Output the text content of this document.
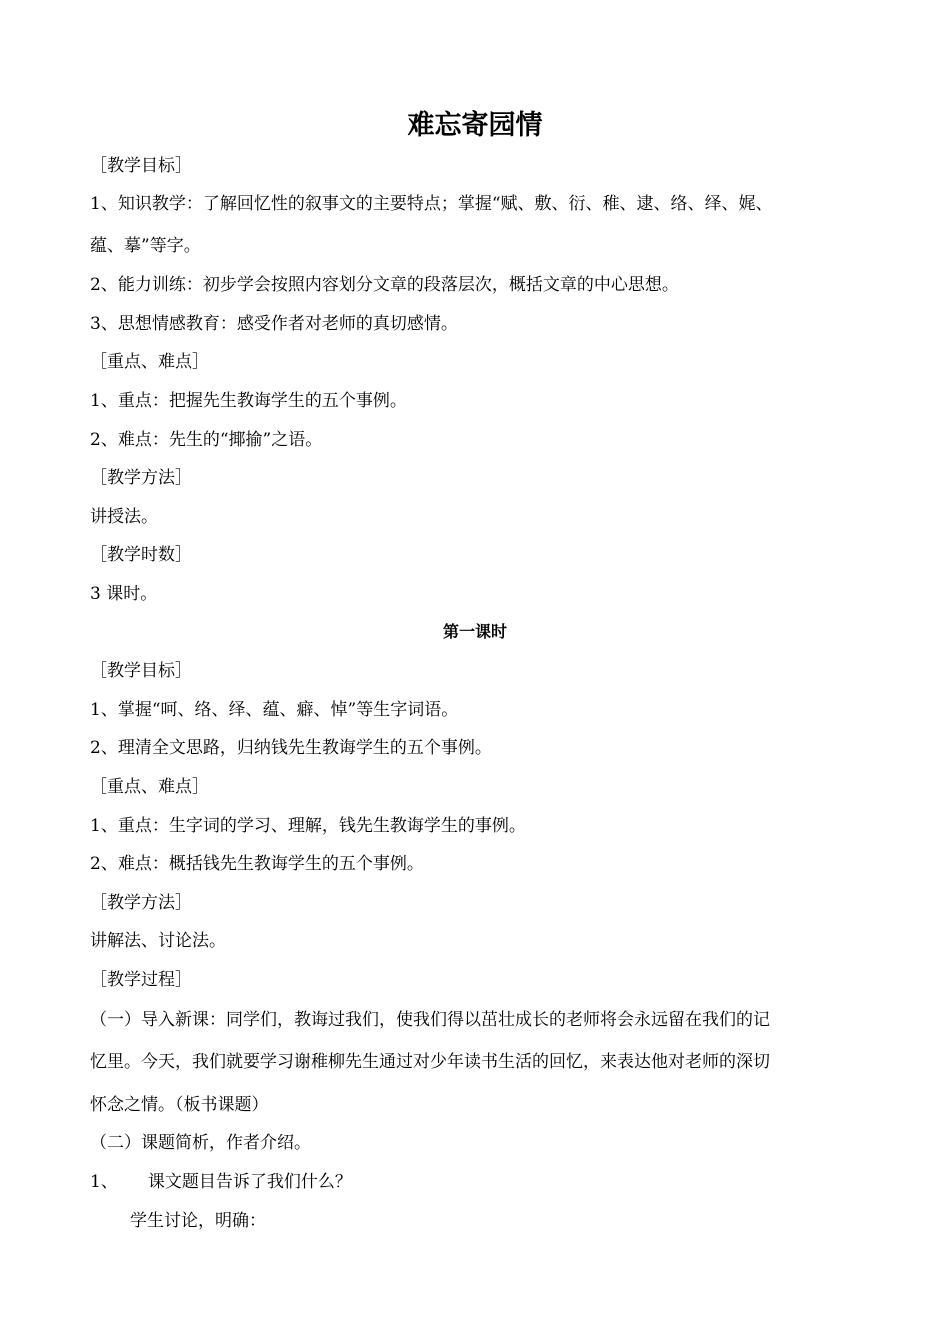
难忘寄园情

［教学目标］

1、知识教学：了解回忆性的叙事文的主要特点；掌握“赋、敷、衍、稚、逮、络、绎、娓、

蕴、摹”等字。

2、能力训练：初步学会按照内容划分文章的段落层次，概括文章的中心思想。

3、思想情感教育：感受作者对老师的真切感情。

［重点、难点］

1、重点：把握先生教诲学生的五个事例。

2、难点：先生的“揶揄”之语。

［教学方法］

讲授法。

［教学时数］

3 课时。

第一课时

［教学目标］

1、掌握“呵、络、绎、蕴、癖、悼”等生字词语。

2、理清全文思路，归纳钱先生教诲学生的五个事例。

［重点、难点］

1、重点：生字词的学习、理解，钱先生教诲学生的事例。

2、难点：概括钱先生教诲学生的五个事例。

［教学方法］

讲解法、讨论法。

［教学过程］

（一）导入新课：同学们，教诲过我们，使我们得以茁壮成长的老师将会永远留在我们的记

忆里。今天，我们就要学习谢稚柳先生通过对少年读书生活的回忆，来表达他对老师的深切

怀念之情。（板书课题）

（二）课题简析，作者介绍。

1、 课文题目告诉了我们什么？

学生讨论，明确：
